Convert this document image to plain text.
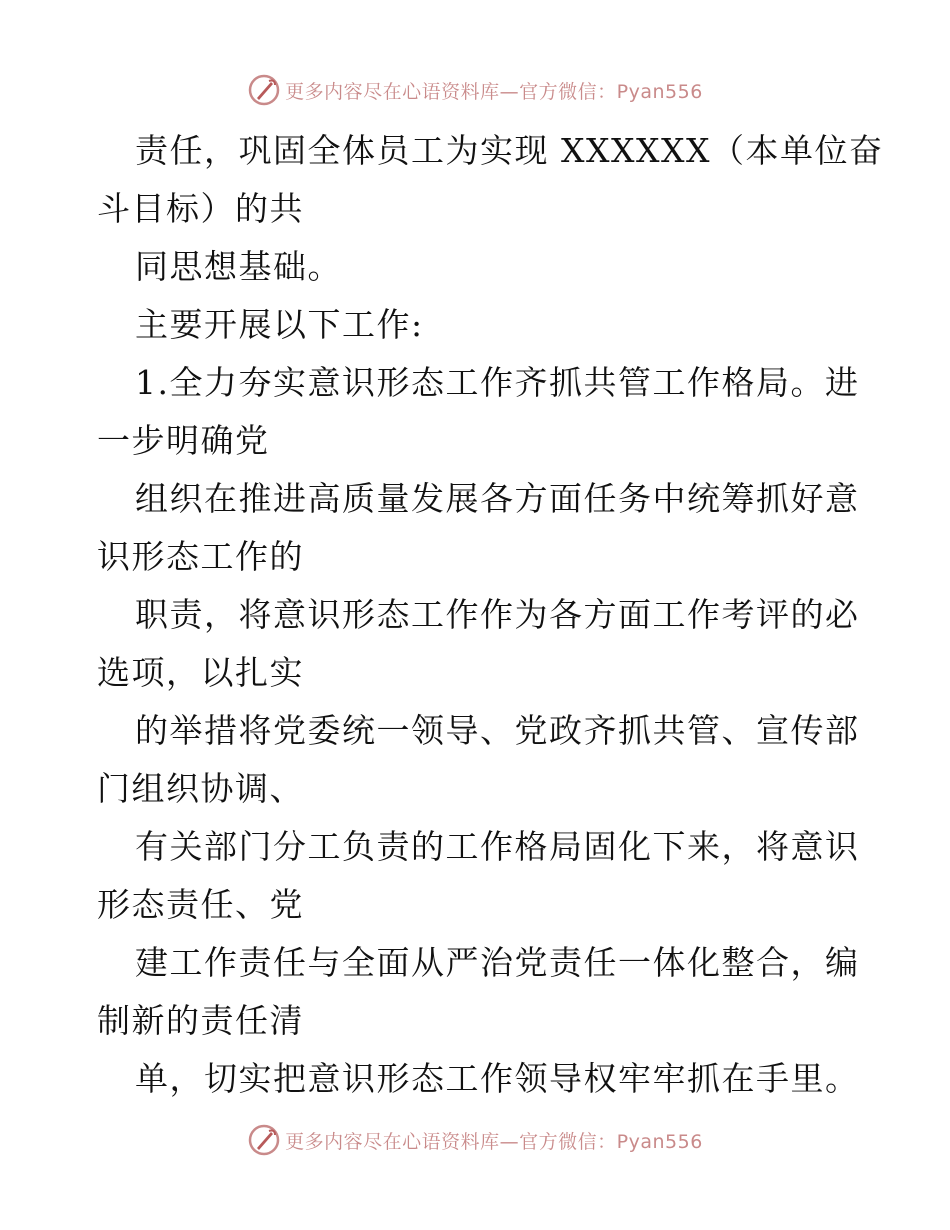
更多内容尽在心语资料库—官方微信：Pyan556
责任，巩固全体员工为实现 XXXXXX（本单位奋
斗目标）的共
同思想基础。
主要开展以下工作:
1.全力夯实意识形态工作齐抓共管工作格局。进
一步明确党
组织在推进高质量发展各方面任务中统筹抓好意
识形态工作的
职责，将意识形态工作作为各方面工作考评的必
选项，以扎实
的举措将党委统一领导、党政齐抓共管、宣传部
门组织协调、
有关部门分工负责的工作格局固化下来，将意识
形态责任、党
建工作责任与全面从严治党责任一体化整合，编
制新的责任清
单，切实把意识形态工作领导权牢牢抓在手里。
更多内容尽在心语资料库—官方微信：Pyan556
